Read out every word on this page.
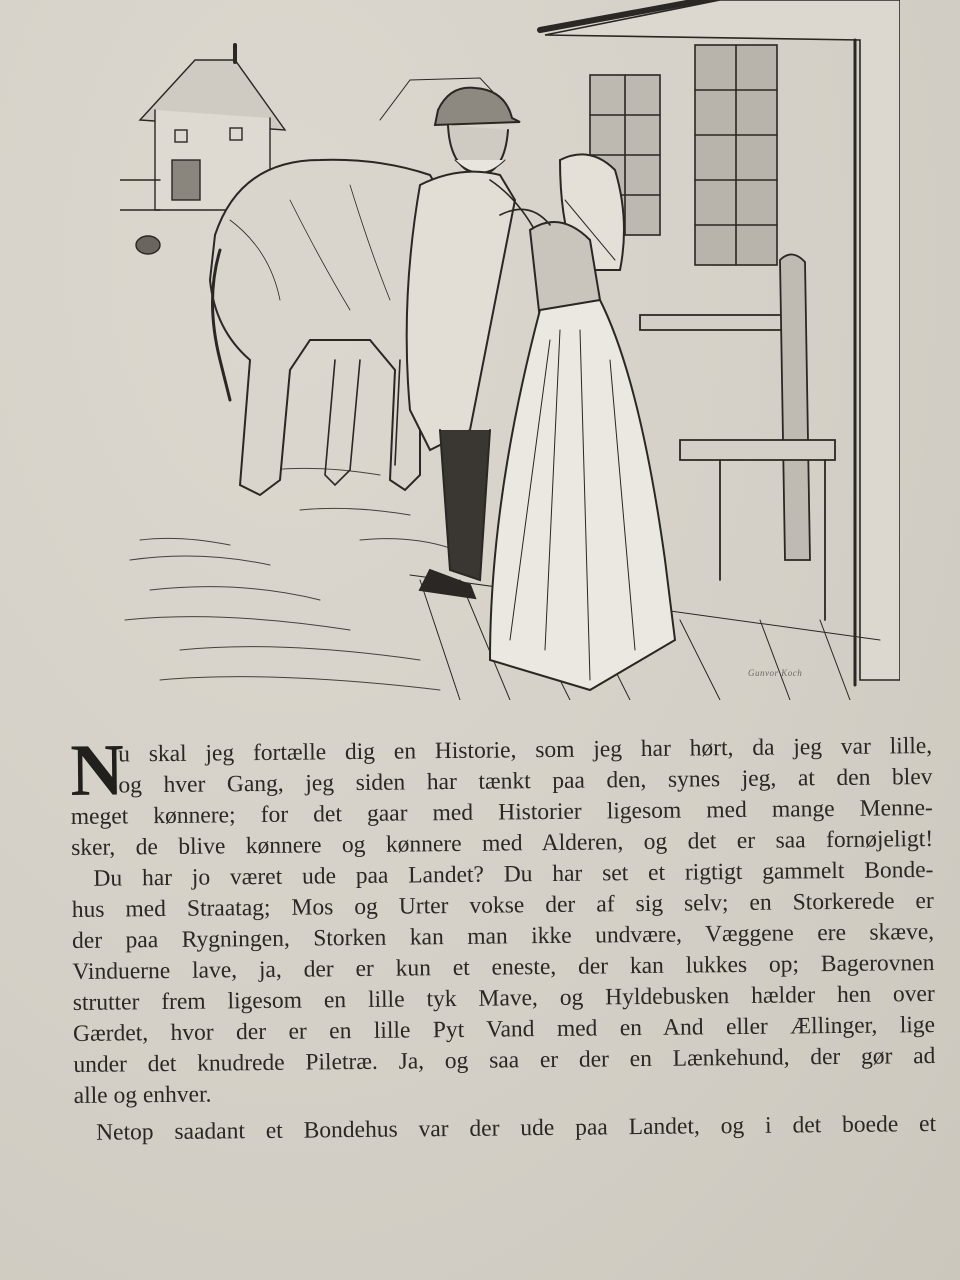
Gunvor Koch
N
u skal jeg fortælle dig en Historie, som jeg har hørt, da jeg var lille,
og hver Gang, jeg siden har tænkt paa den, synes jeg, at den blev
meget kønnere; for det gaar med Historier ligesom med mange Menne-
sker, de blive kønnere og kønnere med Alderen, og det er saa fornøjeligt!
Du har jo været ude paa Landet? Du har set et rigtigt gammelt Bonde-
hus med Straatag; Mos og Urter vokse der af sig selv; en Storkerede er
der paa Rygningen, Storken kan man ikke undvære, Væggene ere skæve,
Vinduerne lave, ja, der er kun et eneste, der kan lukkes op; Bagerovnen
strutter frem ligesom en lille tyk Mave, og Hyldebusken hælder hen over
Gærdet, hvor der er en lille Pyt Vand med en And eller Ællinger, lige
under det knudrede Piletræ. Ja, og saa er der en Lænkehund, der gør ad
alle og enhver.
Netop saadant et Bondehus var der ude paa Landet, og i det boede et
